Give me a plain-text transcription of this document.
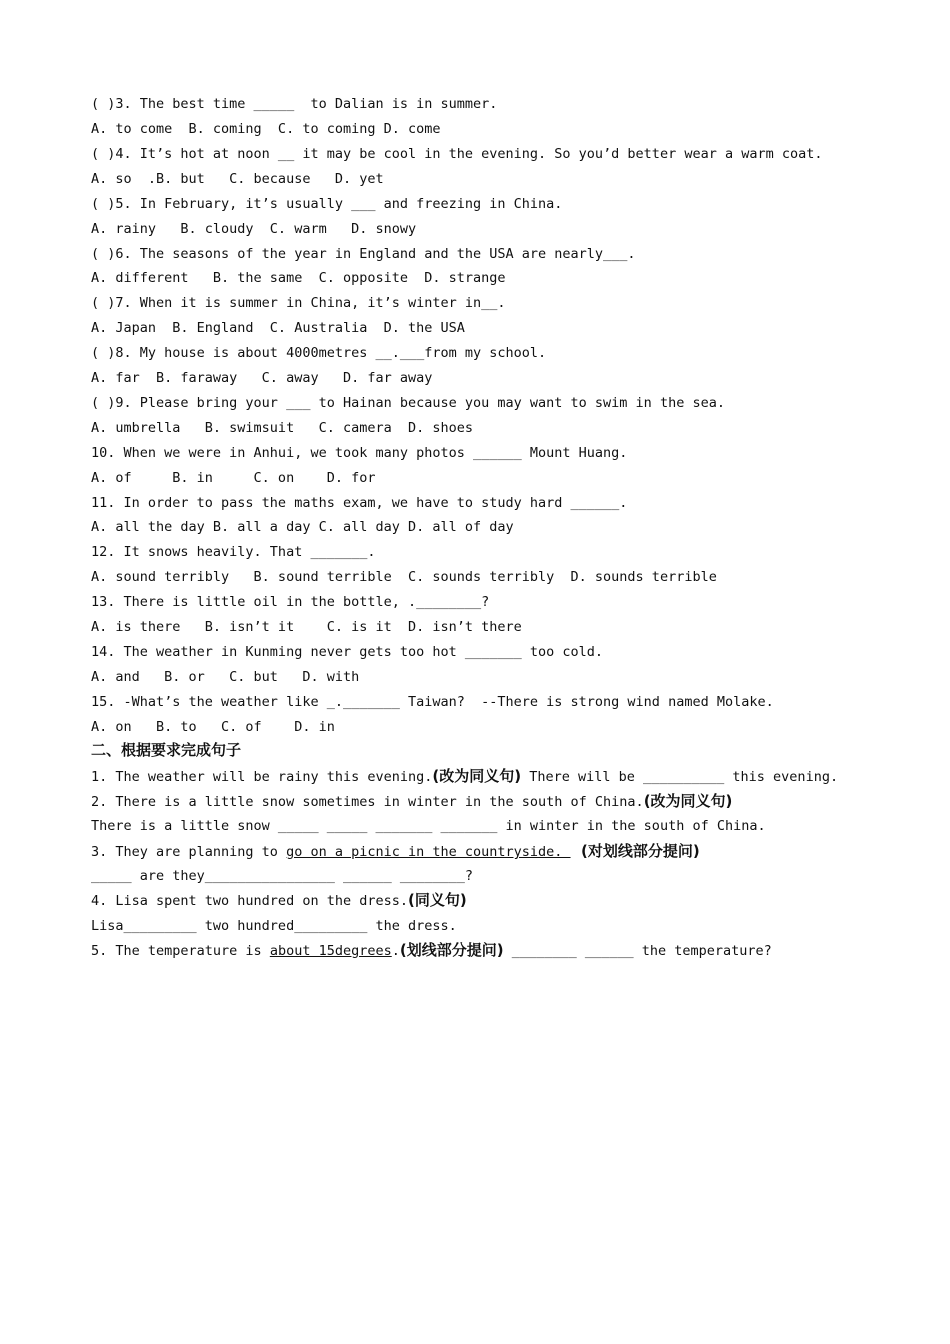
( )3. The best time _____  to Dalian is in summer.
A. to come  B. coming  C. to coming D. come
( )4. It’s hot at noon __ it may be cool in the evening. So you’d better wear a warm coat.
A. so  .B. but   C. because   D. yet
( )5. In February, it’s usually ___ and freezing in China.
A. rainy   B. cloudy  C. warm   D. snowy
( )6. The seasons of the year in England and the USA are nearly___.
A. different   B. the same  C. opposite  D. strange
( )7. When it is summer in China, it’s winter in__.
A. Japan  B. England  C. Australia  D. the USA
( )8. My house is about 4000metres __.___from my school.
A. far  B. faraway   C. away   D. far away
( )9. Please bring your ___ to Hainan because you may want to swim in the sea.
A. umbrella   B. swimsuit   C. camera  D. shoes
10. When we were in Anhui, we took many photos ______ Mount Huang.
A. of     B. in     C. on    D. for
11. In order to pass the maths exam, we have to study hard ______.
A. all the day B. all a day C. all day D. all of day
12. It snows heavily. That _______.
A. sound terribly   B. sound terrible  C. sounds terribly  D. sounds terrible
13. There is little oil in the bottle, .________?
A. is there   B. isn’t it    C. is it  D. isn’t there
14. The weather in Kunming never gets too hot _______ too cold.
A. and   B. or   C. but   D. with
15. -What’s the weather like _._______ Taiwan?  --There is strong wind named Molake.
A. on   B. to   C. of    D. in
二、根据要求完成句子
1. The weather will be rainy this evening.(改为同义句) There will be __________ this evening.
2. There is a little snow sometimes in winter in the south of China.(改为同义句)
There is a little snow _____ _____ _______ _______ in winter in the south of China.
3. They are planning to go on a picnic in the countryside.   (对划线部分提问)
_____ are they________________ ______ ________?
4. Lisa spent two hundred on the dress.(同义句)
Lisa_________ two hundred_________ the dress.
5. The temperature is about 15degrees.(划线部分提问) ________ ______ the temperature?
